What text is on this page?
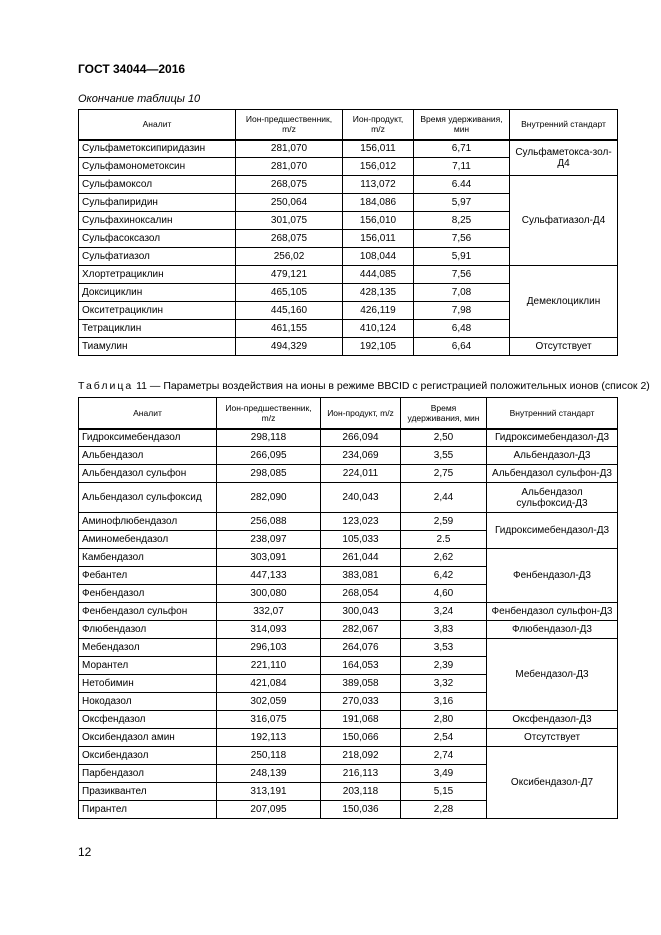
ГОСТ 34044—2016
Окончание таблицы 10
Аналит	Ион-предшественник, m/z	Ион-продукт, m/z	Время удерживания, мин	Внутренний стандарт
Сульфаметоксипиридазин	281,070	156,011	6,71	Сульфаметокса-зол-Д4
Сульфамонометоксин	281,070	156,012	7,11	
Сульфамоксол	268,075	113,072	6.44	Сульфатиазол-Д4
Сульфапиридин	250,064	184,086	5,97	
Сульфахиноксалин	301,075	156,010	8,25	
Сульфасоксазол	268,075	156,011	7,56	
Сульфатиазол	256,02	108,044	5,91	
Хлортетрациклин	479,121	444,085	7,56	Демеклоциклин
Доксициклин	465,105	428,135	7,08	
Окситетрациклин	445,160	426,119	7,98	
Тетрациклин	461,155	410,124	6,48	
Тиамулин	494,329	192,105	6,64	Отсутствует
Таблица 11 — Параметры воздействия на ионы в режиме BBCID с регистрацией положительных ионов (список 2)
Аналит	Ион-предшественник, m/z	Ион-продукт, m/z	Время удерживания, мин	Внутренний стандарт
Гидроксимебендазол	298,118	266,094	2,50	Гидроксимебендазол-Д3
Альбендазол	266,095	234,069	3,55	Альбендазол-Д3
Альбендазол сульфон	298,085	224,011	2,75	Альбендазол сульфон-Д3
Альбендазол сульфоксид	282,090	240,043	2,44	Альбендазол сульфоксид-Д3
Аминофлюбендазол	256,088	123,023	2,59	Гидроксимебендазол-Д3
Аминомебендазол	238,097	105,033	2.5	
Камбендазол	303,091	261,044	2,62	Фенбендазол-Д3
Фебантел	447,133	383,081	6,42	
Фенбендазол	300,080	268,054	4,60	
Фенбендазол сульфон	332,07	300,043	3,24	Фенбендазол сульфон-Д3
Флюбендазол	314,093	282,067	3,83	Флюбендазол-Д3
Мебендазол	296,103	264,076	3,53	Мебендазол-Д3
Морантел	221,110	164,053	2,39	
Нетобимин	421,084	389,058	3,32	
Нокодазол	302,059	270,033	3,16	
Оксфендазол	316,075	191,068	2,80	Оксфендазол-Д3
Оксибендазол амин	192,113	150,066	2,54	Отсутствует
Оксибендазол	250,118	218,092	2,74	Оксибендазол-Д7
Парбендазол	248,139	216,113	3,49	
Празиквантел	313,191	203,118	5,15	
Пирантел	207,095	150,036	2,28	
12
